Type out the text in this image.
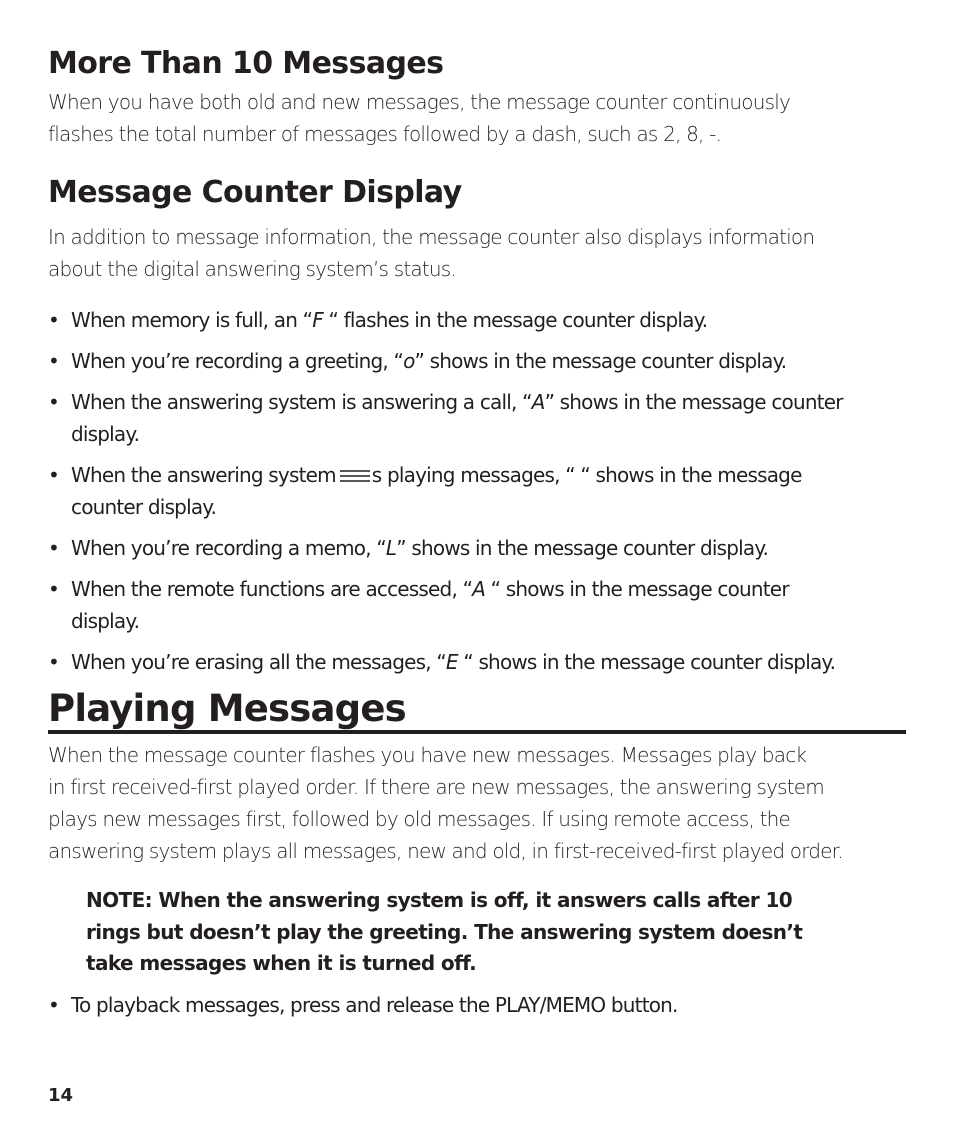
More Than 10 Messages

When you have both old and new messages, the message counter continuously

flashes the total number of messages followed by a dash, such as 2, 8, -.

Message Counter Display

In addition to message information, the message counter also displays information

about the digital answering system’s status.

• When memory is full, an “F “ flashes in the message counter display.
• When you’re recording a greeting, “o” shows in the message counter display.
• When the answering system is answering a call, “A” shows in the message counter
display.
• When the answering system s playing messages, “ “ shows in the message
counter display.
• When you’re recording a memo, “L” shows in the message counter display.
• When the remote functions are accessed, “A “ shows in the message counter
display.
• When you’re erasing all the messages, “E “ shows in the message counter display.
Playing Messages

When the message counter flashes you have new messages. Messages play back

in first received-first played order. If there are new messages, the answering system

plays new messages first, followed by old messages. If using remote access, the

answering system plays all messages, new and old, in first-received-first played order.

NOTE: When the answering system is off, it answers calls after 10

rings but doesn’t play the greeting. The answering system doesn’t

take messages when it is turned off.

• To playback messages, press and release the PLAY/MEMO button.
14
